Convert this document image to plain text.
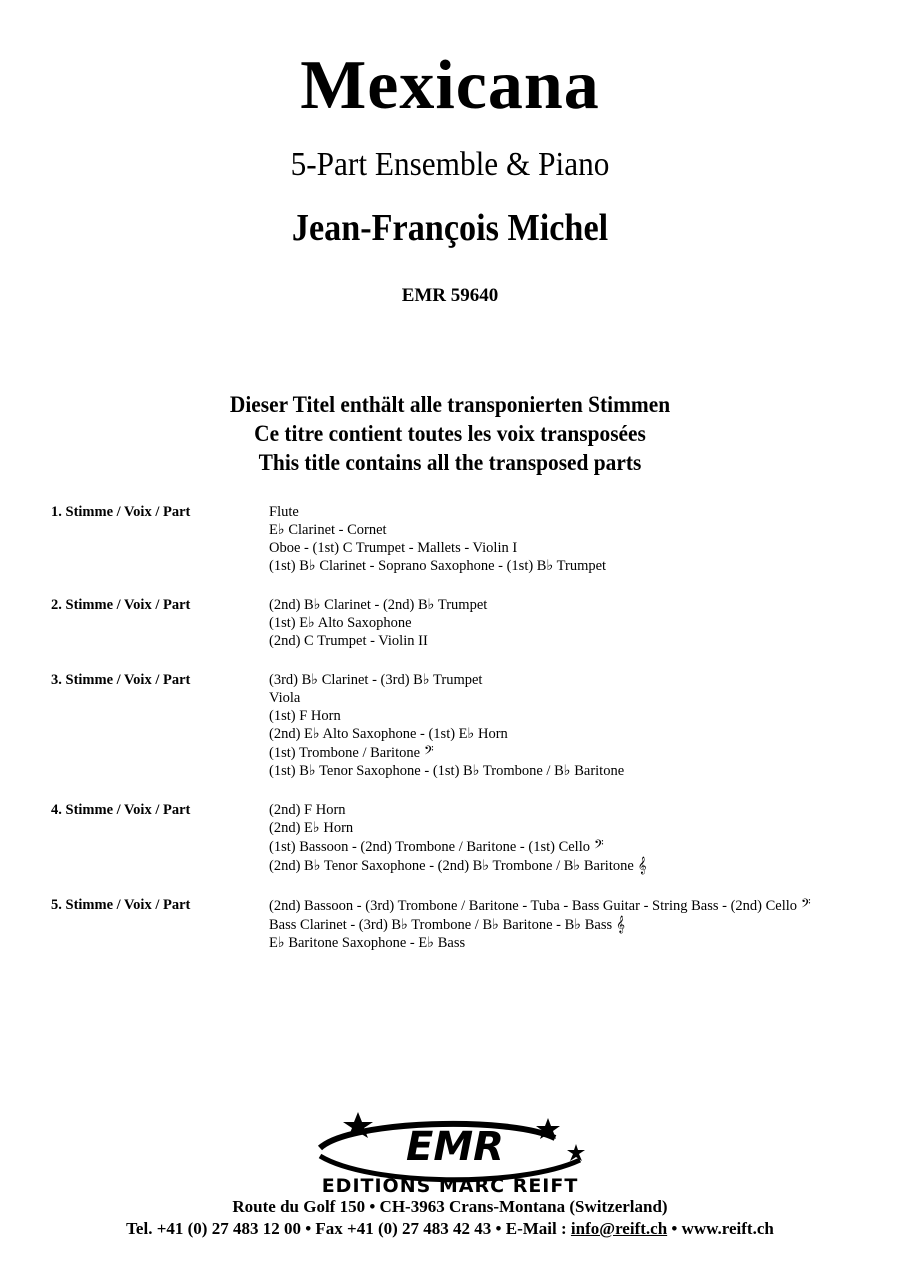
Mexicana
5-Part Ensemble & Piano
Jean-François Michel
EMR 59640
Dieser Titel enthält alle transponierten Stimmen
Ce titre contient toutes les voix transposées
This title contains all the transposed parts
1. Stimme / Voix / Part	Flute
E♭ Clarinet - Cornet
Oboe - (1st) C Trumpet - Mallets - Violin I
(1st) B♭ Clarinet - Soprano Saxophone - (1st) B♭ Trumpet
2. Stimme / Voix / Part	(2nd) B♭ Clarinet - (2nd) B♭ Trumpet
(1st) E♭ Alto Saxophone
(2nd) C Trumpet - Violin II
3. Stimme / Voix / Part	(3rd) B♭ Clarinet - (3rd) B♭ Trumpet
Viola
(1st) F Horn
(2nd) E♭ Alto Saxophone - (1st) E♭ Horn
(1st) Trombone / Baritone 𝄢
(1st) B♭ Tenor Saxophone - (1st) B♭ Trombone / B♭ Baritone
4. Stimme / Voix / Part	(2nd) F Horn
(2nd) E♭ Horn
(1st) Bassoon - (2nd) Trombone / Baritone - (1st) Cello 𝄢
(2nd) B♭ Tenor Saxophone - (2nd) B♭ Trombone / B♭ Baritone 𝄞
5. Stimme / Voix / Part	(2nd) Bassoon - (3rd) Trombone / Baritone - Tuba - Bass Guitar - String Bass - (2nd) Cello 𝄢
Bass Clarinet - (3rd) B♭ Trombone / B♭ Baritone - B♭ Bass 𝄞
E♭ Baritone Saxophone - E♭ Bass
EMR
EDITIONS MARC REIFT
Route du Golf 150 • CH-3963 Crans-Montana (Switzerland)
Tel. +41 (0) 27 483 12 00 • Fax +41 (0) 27 483 42 43 • E-Mail : info@reift.ch • www.reift.ch
